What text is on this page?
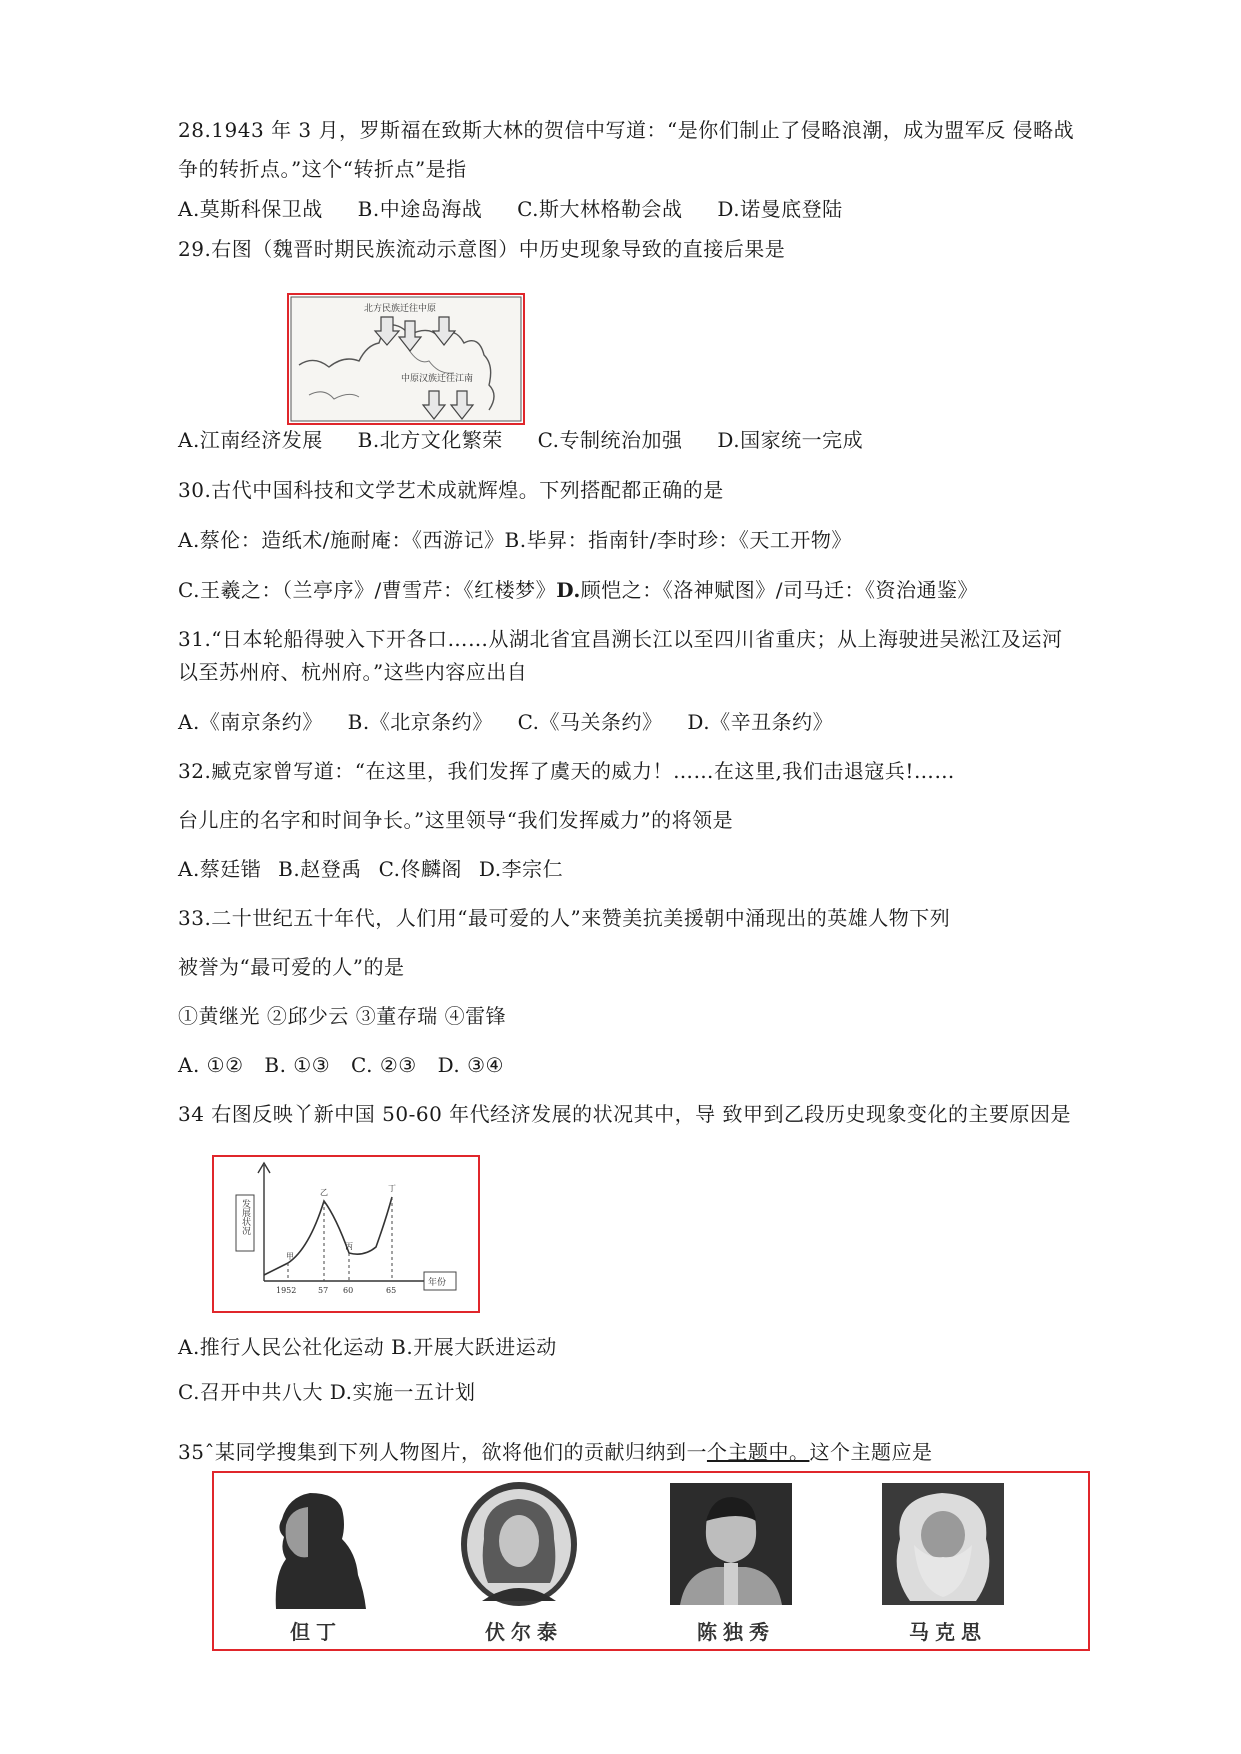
28.1943 年 3 月，罗斯福在致斯大林的贺信中写道：“是你们制止了侵略浪潮，成为盟军反 侵略战
争的转折点。”这个“转折点”是指
A.莫斯科保卫战 B.中途岛海战 C.斯大林格勒会战 D.诺曼底登陆
29.右图（魏晋时期民族流动示意图）中历史现象导致的直接后果是
北方民族迁往中原
中原汉族迁往江南
A.江南经济发展 B.北方文化繁荣 C.专制统治加强 D.国家统一完成
30.古代中国科技和文学艺术成就辉煌。下列搭配都正确的是
A.蔡伦：造纸术/施耐庵：《西游记》B.毕昇：指南针/李时珍：《天工开物》
C.王羲之：（兰亭序》/曹雪芹：《红楼梦》D.顾恺之：《洛神赋图》/司马迁：《资治通鉴》
31.“日本轮船得驶入下开各口……从湖北省宜昌溯长江以至四川省重庆；从上海驶进吴淞江及运河
以至苏州府、杭州府。”这些内容应出自
A.《南京条约》 B.《北京条约》 C.《马关条约》 D.《辛丑条约》
32.臧克家曾写道：“在这里，我们发挥了虞天的威力！……在这里,我们击退寇兵!……
台儿庄的名字和时间争长。”这里领导“我们发挥威力”的将领是
A.蔡廷锴 B.赵登禹 C.佟麟阁 D.李宗仁
33.二十世纪五十年代，人们用“最可爱的人”来赞美抗美援朝中涌现出的英雄人物下列
被誉为“最可爱的人”的是
①黄继光 ②邱少云 ③董存瑞 ④雷锋
A. ①② B. ①③ C. ②③ D. ③④
34 右图反映丫新中国 50-60 年代经济发展的状况其中，导 致甲到乙段历史现象变化的主要原因是
发展状况
年份
甲
乙
丙
丁
1952	57 60	65
A.推行人民公社化运动 B.开展大跃进运动
C.召开中共八大 D.实施一五计划
35ˆ某同学搜集到下列人物图片，欲将他们的贡献归纳到一个主题中。这个主题应是
但丁	伏尔泰	陈独秀	马克思
